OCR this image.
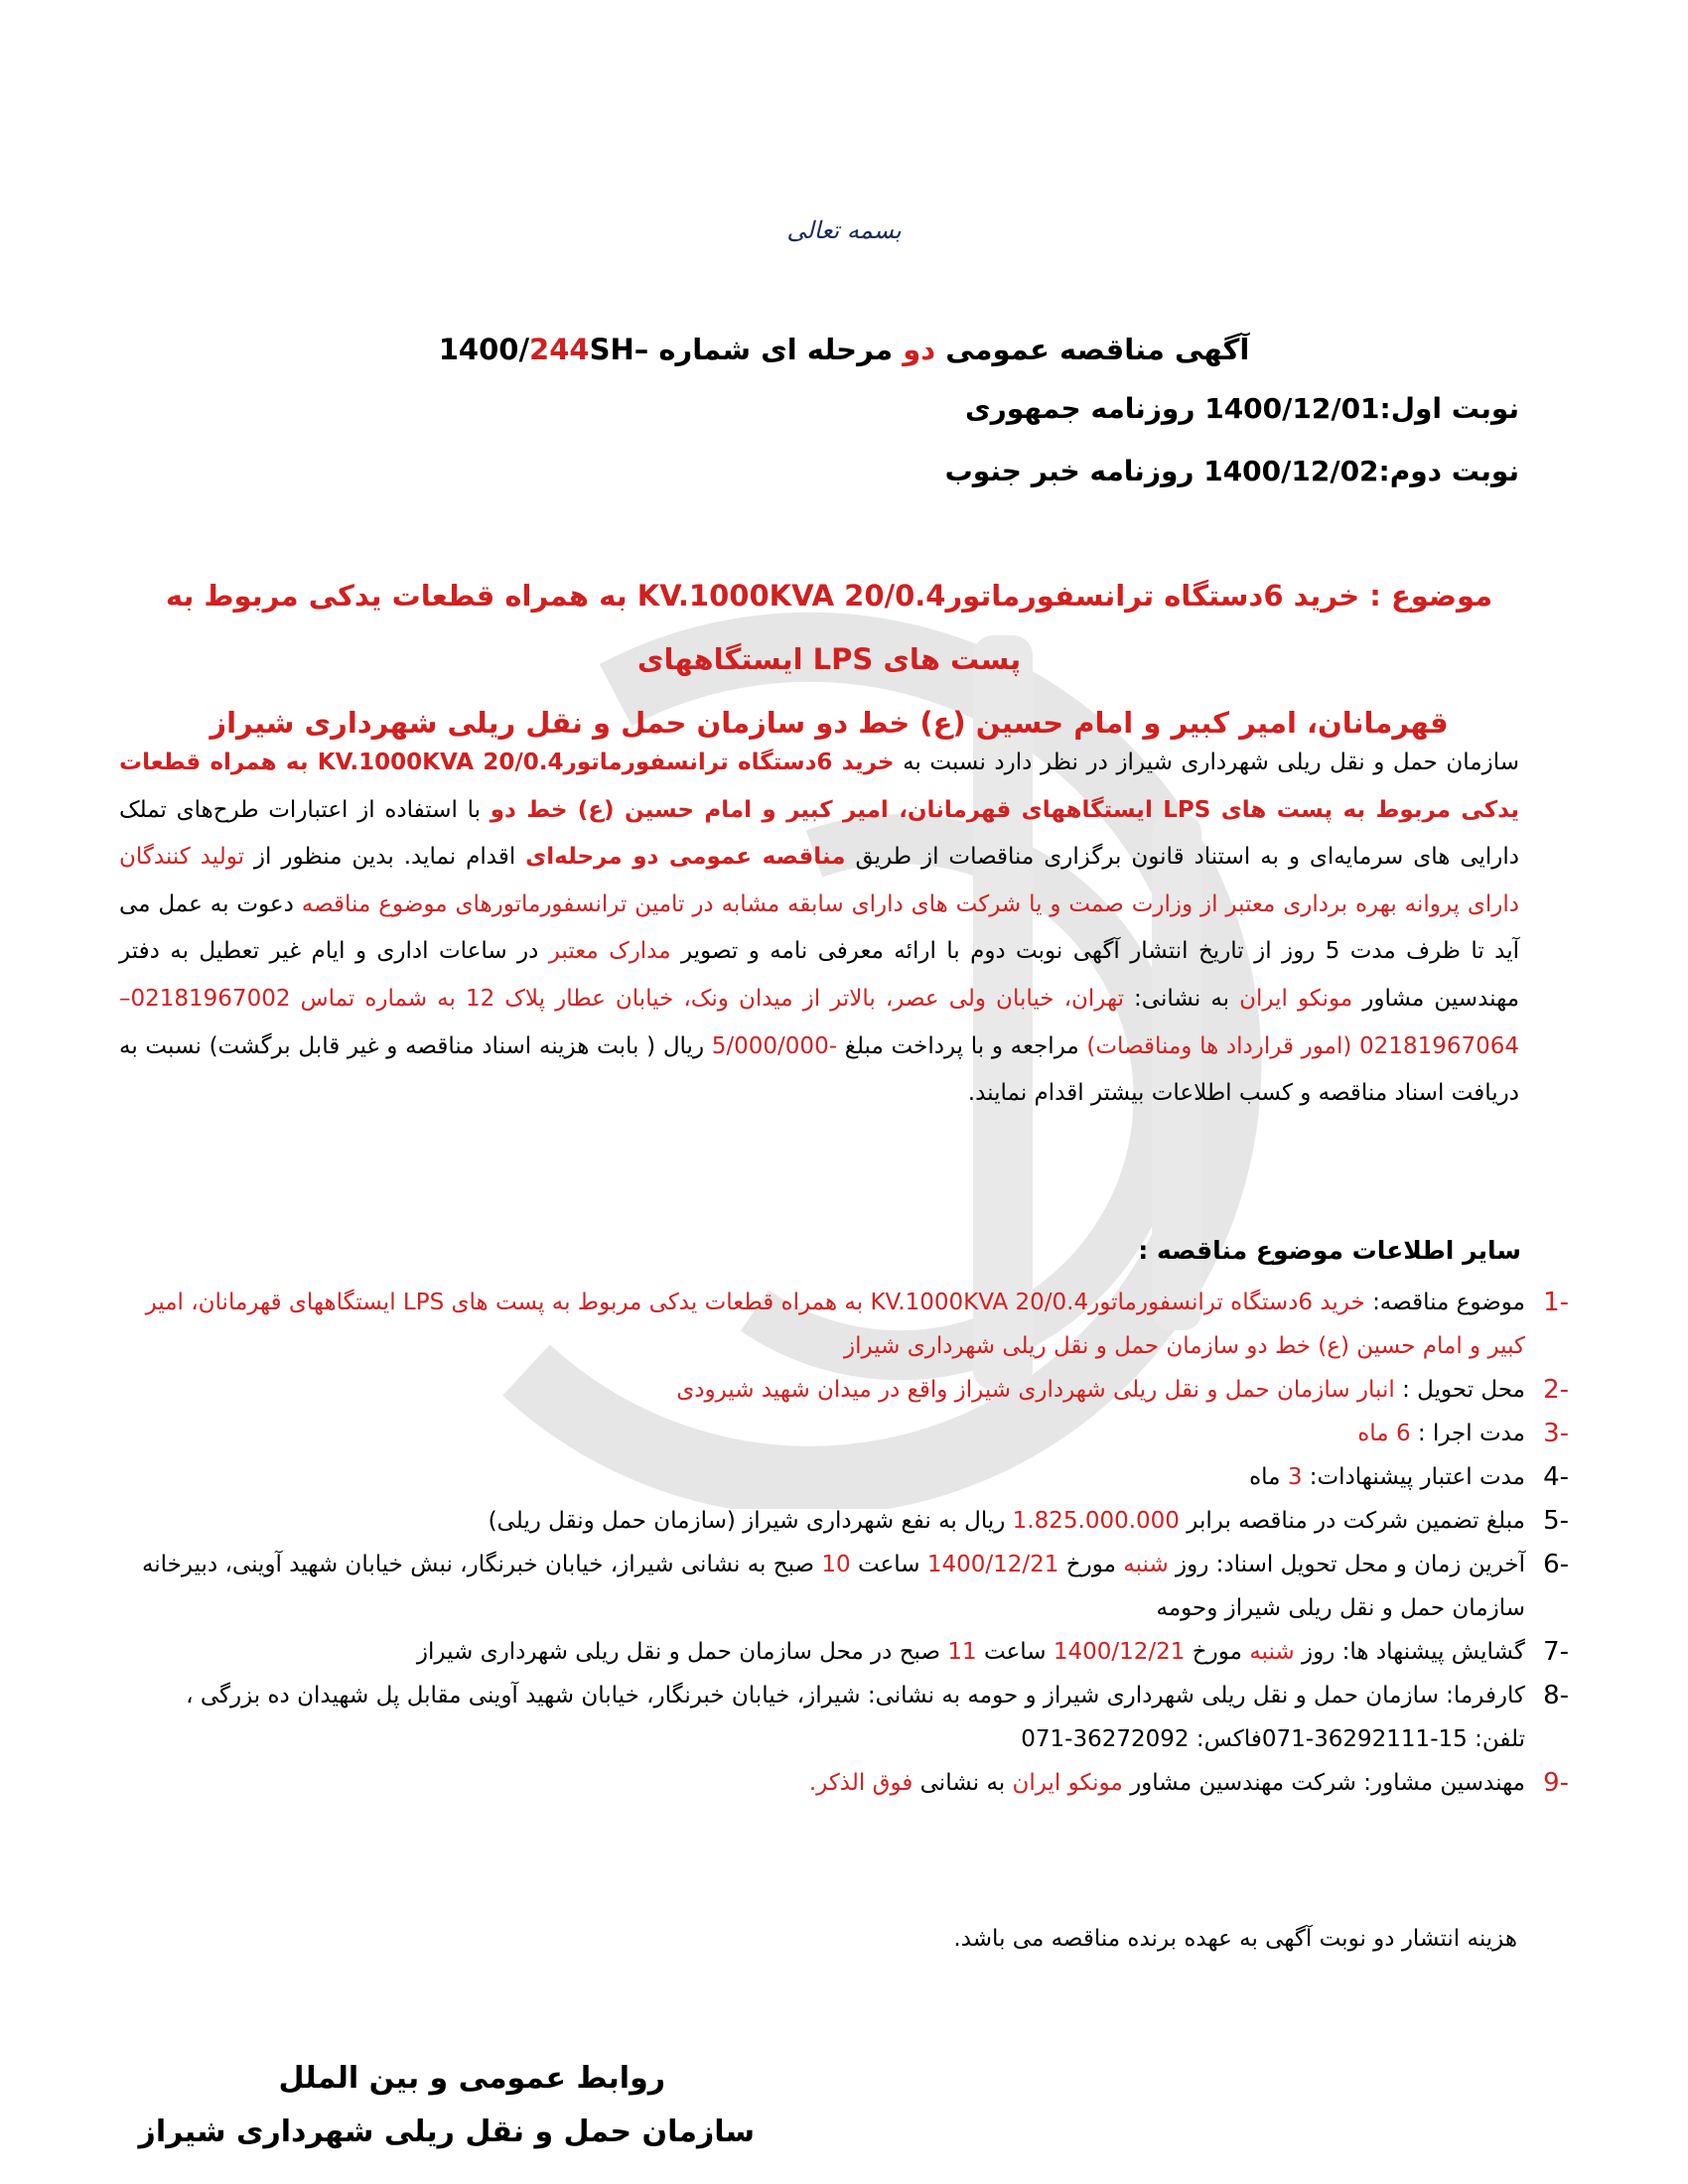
بسمه تعالی
آگهی مناقصه عمومی دو مرحله ای شماره 1400/244SH–
نوبت اول:1400/12/01 روزنامه جمهوری
نوبت دوم:1400/12/02 روزنامه خبر جنوب
موضوع : خرید 6دستگاه ترانسفورماتور20/0.4 KV.1000KVA به همراه قطعات یدکی مربوط به پست های LPS ایستگاههای
قهرمانان، امیر کبیر و امام حسین (ع) خط دو سازمان حمل و نقل ریلی شهرداری شیراز
سازمان حمل و نقل ریلی شهرداری شیراز در نظر دارد نسبت به خرید 6دستگاه ترانسفورماتور20/0.4 KV.1000KVA به همراه قطعات یدکی مربوط به پست های LPS ایستگاههای قهرمانان، امیر کبیر و امام حسین (ع) خط دو با استفاده از اعتبارات طرح‌های تملک دارایی های سرمایه‌ای و به استناد قانون برگزاری مناقصات از طریق مناقصه عمومی دو مرحله‌ای اقدام نماید. بدین منظور از تولید کنندگان دارای پروانه بهره برداری معتبر از وزارت صمت و یا شرکت های دارای سابقه مشابه در تامین ترانسفورماتورهای موضوع مناقصه دعوت به عمل می آید تا ظرف مدت 5 روز از تاریخ انتشار آگهی نوبت دوم با ارائه معرفی نامه و تصویر مدارک معتبر در ساعات اداری و ایام غیر تعطیل به دفتر مهندسین مشاور مونکو ایران به نشانی: تهران، خیابان ولی عصر، بالاتر از میدان ونک، خیابان عطار پلاک 12 به شماره تماس 02181967002–02181967064 (امور قرارداد ها ومناقصات) مراجعه و با پرداخت مبلغ 5/000/000- ریال ( بابت هزینه اسناد مناقصه و غیر قابل برگشت) نسبت به دریافت اسناد مناقصه و کسب اطلاعات بیشتر اقدام نمایند.
سایر اطلاعات موضوع مناقصه :
-1
موضوع مناقصه: خرید 6دستگاه ترانسفورماتور20/0.4 KV.1000KVA به همراه قطعات یدکی مربوط به پست های LPS ایستگاههای قهرمانان، امیر کبیر و امام حسین (ع) خط دو سازمان حمل و نقل ریلی شهرداری شیراز
-2
محل تحویل : انبار سازمان حمل و نقل ریلی شهرداری شیراز واقع در میدان شهید شیرودی
-3
مدت اجرا : 6 ماه
-4
مدت اعتبار پیشنهادات: 3 ماه
-5
مبلغ تضمین شرکت در مناقصه برابر 1.825.000.000 ریال به نفع شهرداری شیراز (سازمان حمل ونقل ریلی)
-6
آخرین زمان و محل تحویل اسناد: روز شنبه مورخ 1400/12/21 ساعت 10 صبح به نشانی شیراز، خیابان خبرنگار، نبش خیابان شهید آوینی، دبیرخانه سازمان حمل و نقل ریلی شیراز وحومه
-7
گشایش پیشنهاد ها: روز شنبه مورخ 1400/12/21 ساعت 11 صبح در محل سازمان حمل و نقل ریلی شهرداری شیراز
-8
کارفرما: سازمان حمل و نقل ریلی شهرداری شیراز و حومه به نشانی: شیراز، خیابان خبرنگار، خیابان شهید آوینی مقابل پل شهیدان ده بزرگی ،
تلفن: 15-36292111-071فاکس: 36272092-071
-9
مهندسین مشاور: شرکت مهندسین مشاور مونکو ایران به نشانی فوق الذکر.
هزینه انتشار دو نوبت آگهی به عهده برنده مناقصه می باشد.
روابط عمومی و بین الملل
سازمان حمل و نقل ریلی شهرداری شیراز
